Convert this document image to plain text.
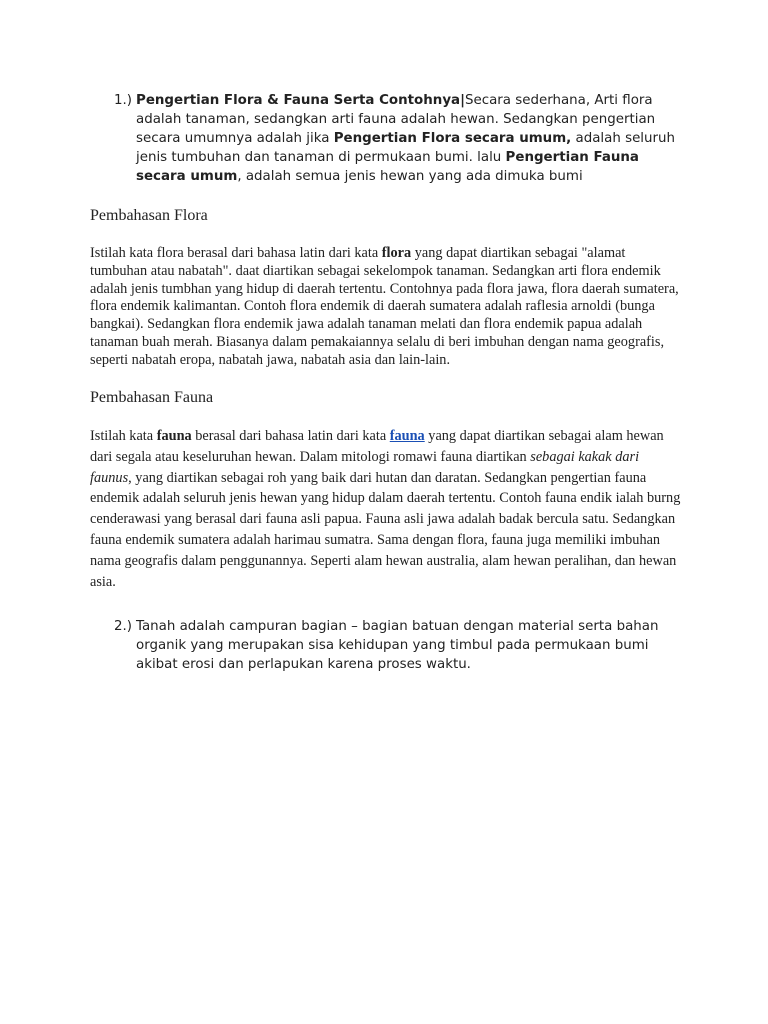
1.) Pengertian Flora & Fauna Serta Contohnya|Secara sederhana, Arti flora adalah tanaman, sedangkan arti fauna adalah hewan. Sedangkan pengertian secara umumnya adalah jika Pengertian Flora secara umum, adalah seluruh jenis tumbuhan dan tanaman di permukaan bumi. lalu Pengertian Fauna secara umum, adalah semua jenis hewan yang ada dimuka bumi
Pembahasan Flora
Istilah kata flora berasal dari bahasa latin dari kata flora yang dapat diartikan sebagai "alamat tumbuhan atau nabatah". daat diartikan sebagai sekelompok tanaman. Sedangkan arti flora endemik adalah jenis tumbhan yang hidup di daerah tertentu. Contohnya pada flora jawa, flora daerah sumatera, flora endemik kalimantan. Contoh flora endemik di daerah sumatera adalah raflesia arnoldi (bunga bangkai). Sedangkan flora endemik jawa adalah tanaman melati dan flora endemik papua adalah tanaman buah merah. Biasanya dalam pemakaiannya selalu di beri imbuhan dengan nama geografis, seperti nabatah eropa, nabatah jawa, nabatah asia dan lain-lain.
Pembahasan Fauna
Istilah kata fauna berasal dari bahasa latin dari kata fauna yang dapat diartikan sebagai alam hewan dari segala atau keseluruhan hewan. Dalam mitologi romawi fauna diartikan sebagai kakak dari faunus, yang diartikan sebagai roh yang baik dari hutan dan daratan. Sedangkan pengertian fauna endemik adalah seluruh jenis hewan yang hidup dalam daerah tertentu. Contoh fauna endik ialah burng cenderawasi yang berasal dari fauna asli papua. Fauna asli jawa adalah badak bercula satu. Sedangkan fauna endemik sumatera adalah harimau sumatra. Sama dengan flora, fauna juga memiliki imbuhan nama geografis dalam penggunannya. Seperti alam hewan australia, alam hewan peralihan, dan hewan asia.
2.) Tanah adalah campuran bagian – bagian batuan dengan material serta bahan organik yang merupakan sisa kehidupan yang timbul pada permukaan bumi akibat erosi dan perlapukan karena proses waktu.
